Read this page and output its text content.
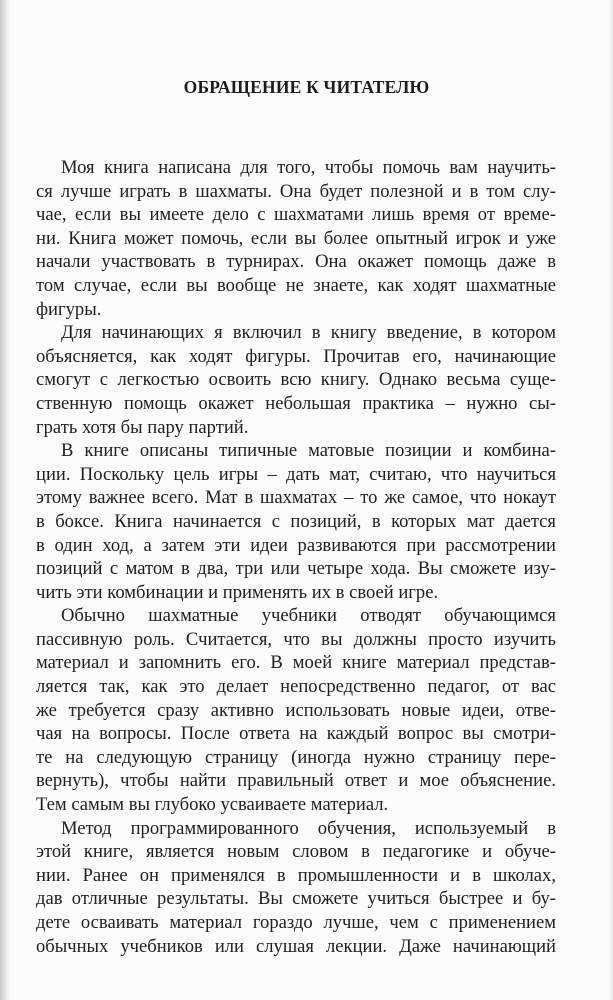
ОБРАЩЕНИЕ К ЧИТАТЕЛЮ
Моя книга написана для того, чтобы помочь вам научить-
ся лучше играть в шахматы. Она будет полезной и в том слу-
чае, если вы имеете дело с шахматами лишь время от време-
ни. Книга может помочь, если вы более опытный игрок и уже
начали участвовать в турнирах. Она окажет помощь даже в
том случае, если вы вообще не знаете, как ходят шахматные
фигуры.
Для начинающих я включил в книгу введение, в котором
объясняется, как ходят фигуры. Прочитав его, начинающие
смогут с легкостью освоить всю книгу. Однако весьма суще-
ственную помощь окажет небольшая практика – нужно сы-
грать хотя бы пару партий.
В книге описаны типичные матовые позиции и комбина-
ции. Поскольку цель игры – дать мат, считаю, что научиться
этому важнее всего. Мат в шахматах – то же самое, что нокаут
в боксе. Книга начинается с позиций, в которых мат дается
в один ход, а затем эти идеи развиваются при рассмотрении
позиций с матом в два, три или четыре хода. Вы сможете изу-
чить эти комбинации и применять их в своей игре.
Обычно шахматные учебники отводят обучающимся
пассивную роль. Считается, что вы должны просто изучить
материал и запомнить его. В моей книге материал представ-
ляется так, как это делает непосредственно педагог, от вас
же требуется сразу активно использовать новые идеи, отве-
чая на вопросы. После ответа на каждый вопрос вы смотри-
те на следующую страницу (иногда нужно страницу пере-
вернуть), чтобы найти правильный ответ и мое объяснение.
Тем самым вы глубоко усваиваете материал.
Метод программированного обучения, используемый в
этой книге, является новым словом в педагогике и обуче-
нии. Ранее он применялся в промышленности и в школах,
дав отличные результаты. Вы сможете учиться быстрее и бу-
дете осваивать материал гораздо лучше, чем с применением
обычных учебников или слушая лекции. Даже начинающий
